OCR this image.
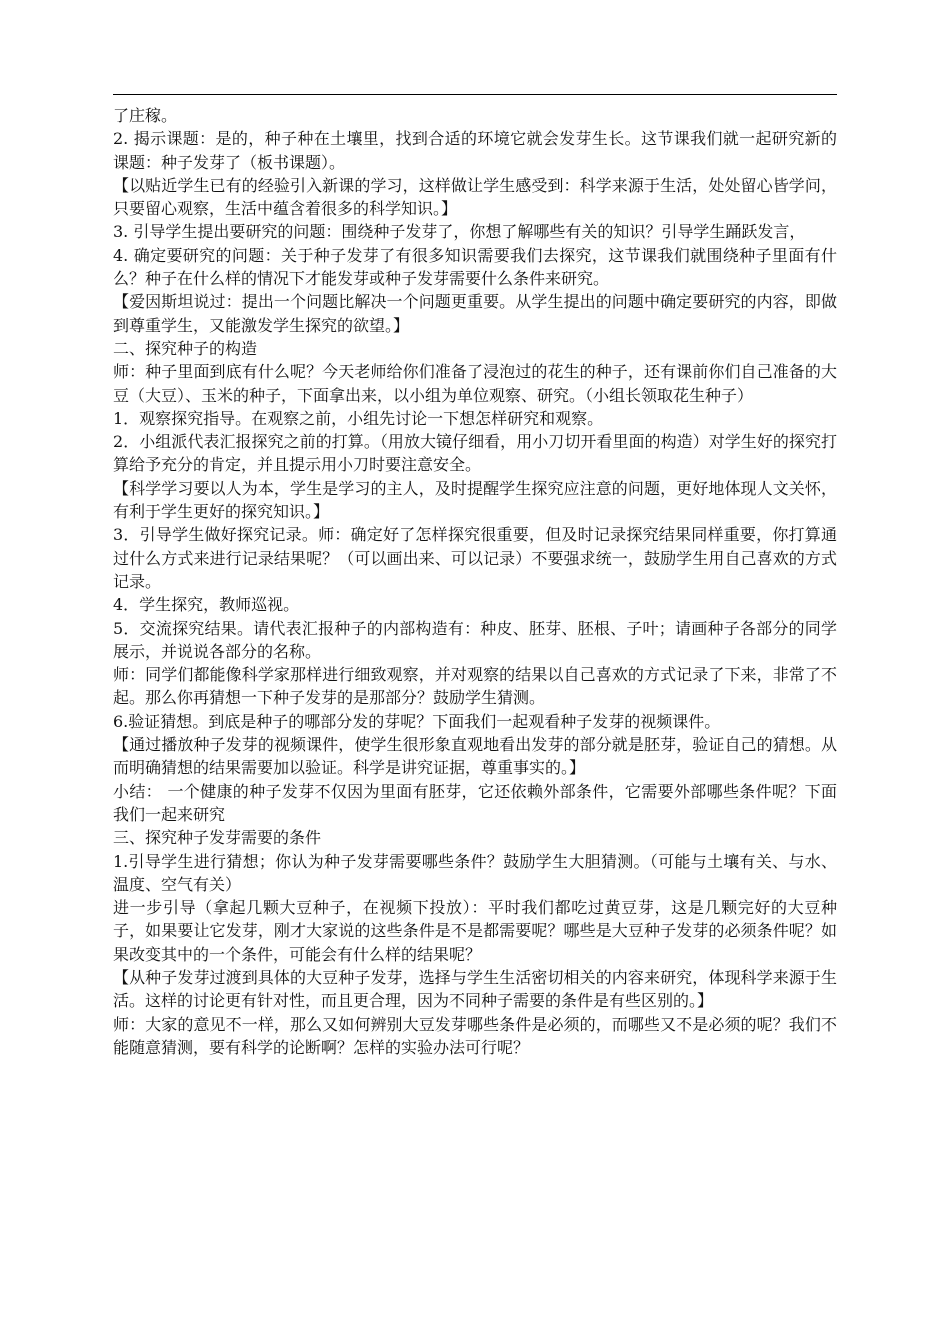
了庄稼。

2. 揭示课题：是的，种子种在土壤里，找到合适的环境它就会发芽生长。这节课我们就一起研究新的课题：种子发芽了（板书课题）。

【以贴近学生已有的经验引入新课的学习，这样做让学生感受到：科学来源于生活，处处留心皆学问，只要留心观察，生活中蕴含着很多的科学知识。】

3. 引导学生提出要研究的问题：围绕种子发芽了，你想了解哪些有关的知识？引导学生踊跃发言，

4. 确定要研究的问题：关于种子发芽了有很多知识需要我们去探究，这节课我们就围绕种子里面有什么？种子在什么样的情况下才能发芽或种子发芽需要什么条件来研究。

【爱因斯坦说过：提出一个问题比解决一个问题更重要。从学生提出的问题中确定要研究的内容，即做到尊重学生，又能激发学生探究的欲望。】

二、探究种子的构造

师：种子里面到底有什么呢？今天老师给你们准备了浸泡过的花生的种子，还有课前你们自己准备的大豆（大豆）、玉米的种子，下面拿出来，以小组为单位观察、研究。（小组长领取花生种子）

1．观察探究指导。在观察之前，小组先讨论一下想怎样研究和观察。

2．小组派代表汇报探究之前的打算。（用放大镜仔细看，用小刀切开看里面的构造）对学生好的探究打算给予充分的肯定，并且提示用小刀时要注意安全。

【科学学习要以人为本，学生是学习的主人，及时提醒学生探究应注意的问题，更好地体现人文关怀，有利于学生更好的探究知识。】

3．引导学生做好探究记录。师：确定好了怎样探究很重要，但及时记录探究结果同样重要，你打算通过什么方式来进行记录结果呢？（可以画出来、可以记录）不要强求统一，鼓励学生用自己喜欢的方式记录。

4．学生探究，教师巡视。

5．交流探究结果。请代表汇报种子的内部构造有：种皮、胚芽、胚根、子叶；请画种子各部分的同学展示，并说说各部分的名称。

师：同学们都能像科学家那样进行细致观察，并对观察的结果以自己喜欢的方式记录了下来，非常了不起。那么你再猜想一下种子发芽的是那部分？鼓励学生猜测。

6.验证猜想。到底是种子的哪部分发的芽呢？下面我们一起观看种子发芽的视频课件。

【通过播放种子发芽的视频课件，使学生很形象直观地看出发芽的部分就是胚芽，验证自己的猜想。从而明确猜想的结果需要加以验证。科学是讲究证据，尊重事实的。】

小结： 一个健康的种子发芽不仅因为里面有胚芽，它还依赖外部条件，它需要外部哪些条件呢？下面我们一起来研究

三、探究种子发芽需要的条件

1.引导学生进行猜想；你认为种子发芽需要哪些条件？鼓励学生大胆猜测。（可能与土壤有关、与水、温度、空气有关）

进一步引导（拿起几颗大豆种子，在视频下投放）：平时我们都吃过黄豆芽，这是几颗完好的大豆种子，如果要让它发芽，刚才大家说的这些条件是不是都需要呢？哪些是大豆种子发芽的必须条件呢？如果改变其中的一个条件，可能会有什么样的结果呢？

【从种子发芽过渡到具体的大豆种子发芽，选择与学生生活密切相关的内容来研究，体现科学来源于生活。这样的讨论更有针对性，而且更合理，因为不同种子需要的条件是有些区别的。】

师：大家的意见不一样，那么又如何辨别大豆发芽哪些条件是必须的，而哪些又不是必须的呢？我们不能随意猜测，要有科学的论断啊？怎样的实验办法可行呢？
